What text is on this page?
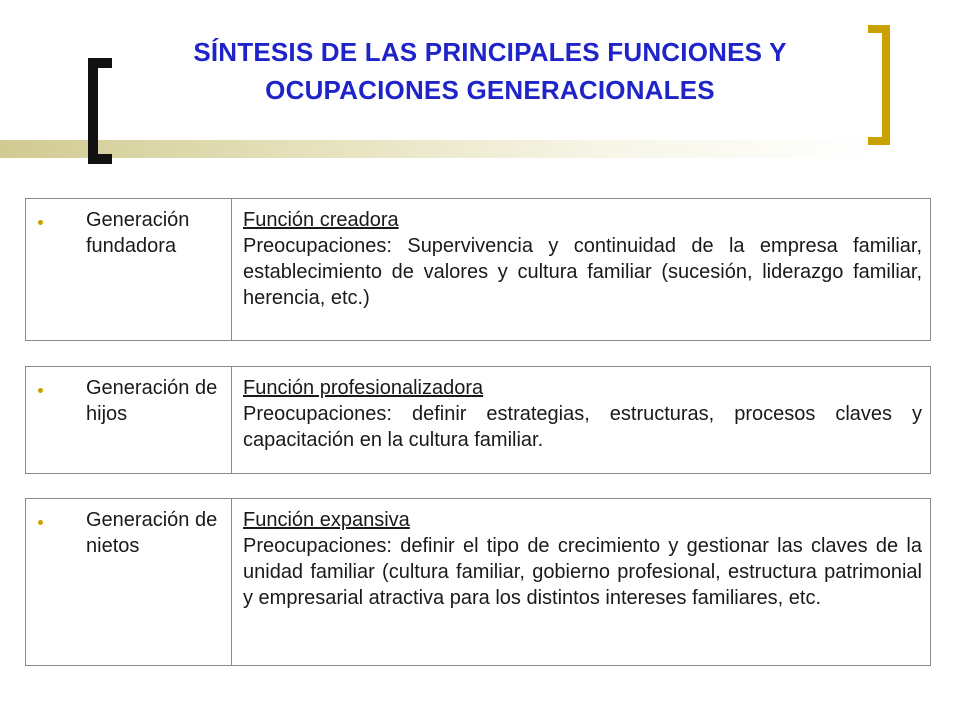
SÍNTESIS DE LAS PRINCIPALES FUNCIONES Y
OCUPACIONES GENERACIONALES
Generación fundadora
Función creadora
Preocupaciones: Supervivencia y continuidad de la empresa familiar, establecimiento de valores y cultura familiar (sucesión, liderazgo familiar, herencia, etc.)
Generación de hijos
Función profesionalizadora
Preocupaciones: definir estrategias, estructuras, procesos claves y capacitación en la cultura familiar.
Generación de nietos
Función expansiva
Preocupaciones: definir el tipo de crecimiento y gestionar las claves de la unidad familiar (cultura familiar, gobierno profesional, estructura patrimonial y empresarial atractiva para los distintos intereses familiares, etc.
